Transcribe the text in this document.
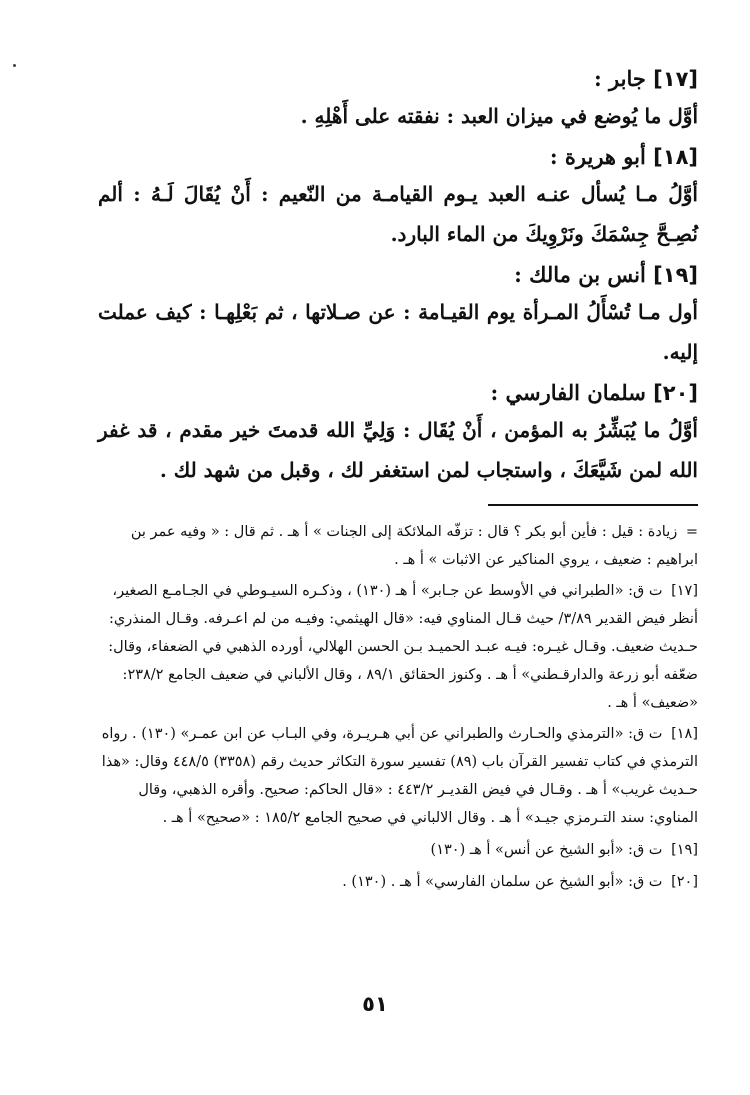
[١٧] جابر :
أوَّل ما يُوضع في ميزان العبد : نفقته على أَهْلِهِ .
[١٨] أبو هريرة :
أوَّلُ مـا يُسأل عنـه العبد يـوم القيامـة من النّعيم : أَنْ يُقَالَ لَـهُ : ألم نُصِـحَّ جِسْمَكَ ونَرْوِيكَ من الماء البارد.
[١٩] أنس بن مالك :
أول مـا تُسْأَلُ المـرأة يوم القيـامة : عن صـلاتها ، ثم بَعْلِهـا : كيف عملت إليه.
[٢٠] سلمان الفارسي :
أوَّلُ ما يُبَشِّرُ به المؤمن ، أَنْ يُقَال : وَلِيِّ الله قدمتَ خير مقدم ، قد غفر الله لمن شَيَّعَكَ ، واستجاب لمن استغفر لك ، وقبل من شهد لك .
= زيادة : قيل : فأين أبو بكر ؟ قال : تزفّه الملائكة إلى الجنات » أ هـ . ثم قال : « وفيه عمر بن ابراهيم : ضعيف ، يروي المناكير عن الاثبات » أ هـ .
[١٧] ت ق: «الطبراني في الأوسط عن جـابر» أ هـ (١٣٠) ، وذكـره السيـوطي في الجـامـع الصغير، أنظر فيض القدير ٣/٨٩/ حيث قـال المناوي فيه: «قال الهيثمي: وفيـه من لم اعـرفه. وقـال المنذري: حـديث ضعيف. وقـال غيـره: فيـه عبـد الحميـد بـن الحسن الهلالي، أورده الذهبي في الضعفاء، وقال: ضعّفه أبو زرعة والدارقـطني» أ هـ . وكنوز الحقائق ٨٩/١ ، وقال الألباني في ضعيف الجامع ٢٣٨/٢: «ضعيف» أ هـ .
[١٨] ت ق: «الترمذي والحـارث والطبراني عن أبي هـريـرة، وفي البـاب عن ابن عمـر» (١٣٠) . رواه الترمذي في كتاب تفسير القرآن باب (٨٩) تفسير سورة التكاثر حديث رقم (٣٣٥٨) ٤٤٨/٥ وقال: «هذا حـديث غريب» أ هـ . وقـال في فيض القديـر ٤٤٣/٢ : «قال الحاكم: صحيح. وأقره الذهبي، وقال المناوي: سند التـرمزي جيـد» أ هـ . وقال الالباني في صحيح الجامع ١٨٥/٢ : «صحيح» أ هـ .
[١٩] ت ق: «أبو الشيخ عن أنس» أ هـ (١٣٠)
[٢٠] ت ق: «أبو الشيخ عن سلمان الفارسي» أ هـ . (١٣٠) .
٥١
